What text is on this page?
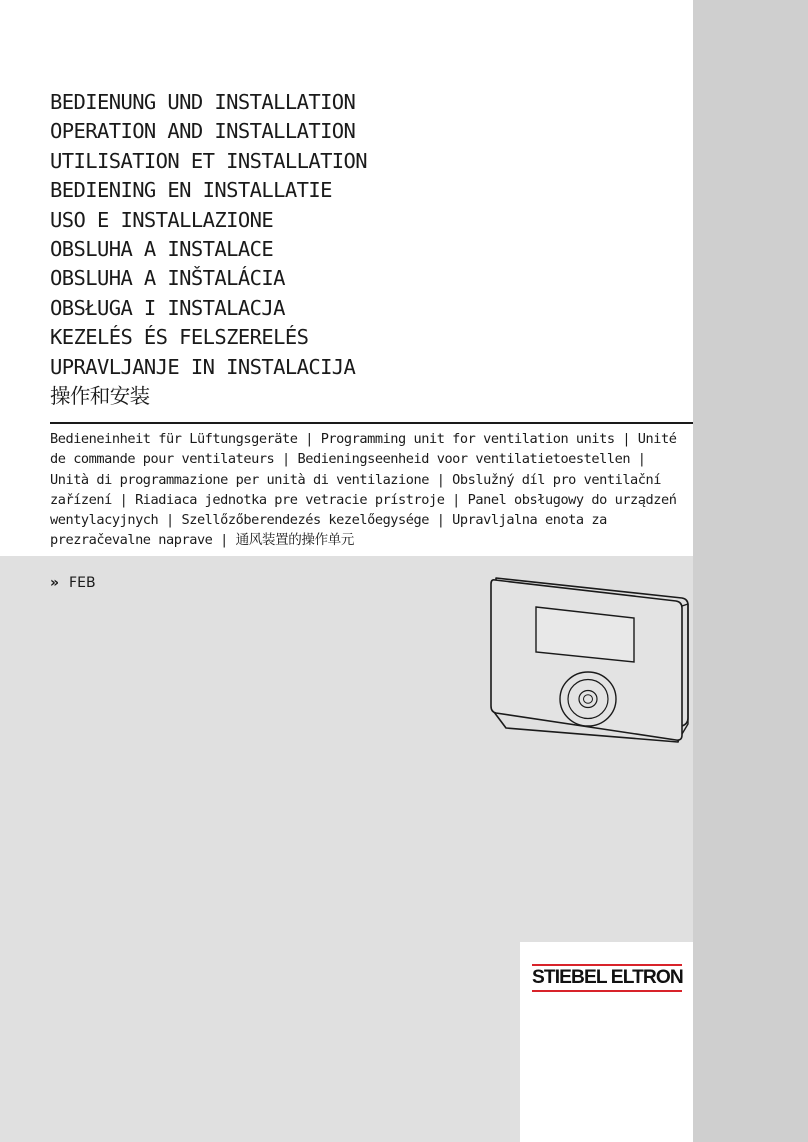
BEDIENUNG UND INSTALLATION
OPERATION AND INSTALLATION
UTILISATION ET INSTALLATION
BEDIENING EN INSTALLATIE
USO E INSTALLAZIONE
OBSLUHA A INSTALACE
OBSLUHA A INŠTALÁCIA
OBSŁUGA I INSTALACJA
KEZELÉS ÉS FELSZERELÉS
UPRAVLJANJE IN INSTALACIJA
操作和安装

Bedieneinheit für Lüftungsgeräte | Programming unit for ventilation units | Unité
de commande pour ventilateurs | Bedieningseenheid voor ventilatietoestellen |
Unità di programmazione per unità di ventilazione | Obslužný díl pro ventilační
zařízení | Riadiaca jednotka pre vetracie prístroje | Panel obsługowy do urządzeń
wentylacyjnych | Szellőzőberendezés kezelőegysége | Upravljalna enota za
prezračevalne naprave | 通风装置的操作单元

» FEB
STIEBEL ELTRON
